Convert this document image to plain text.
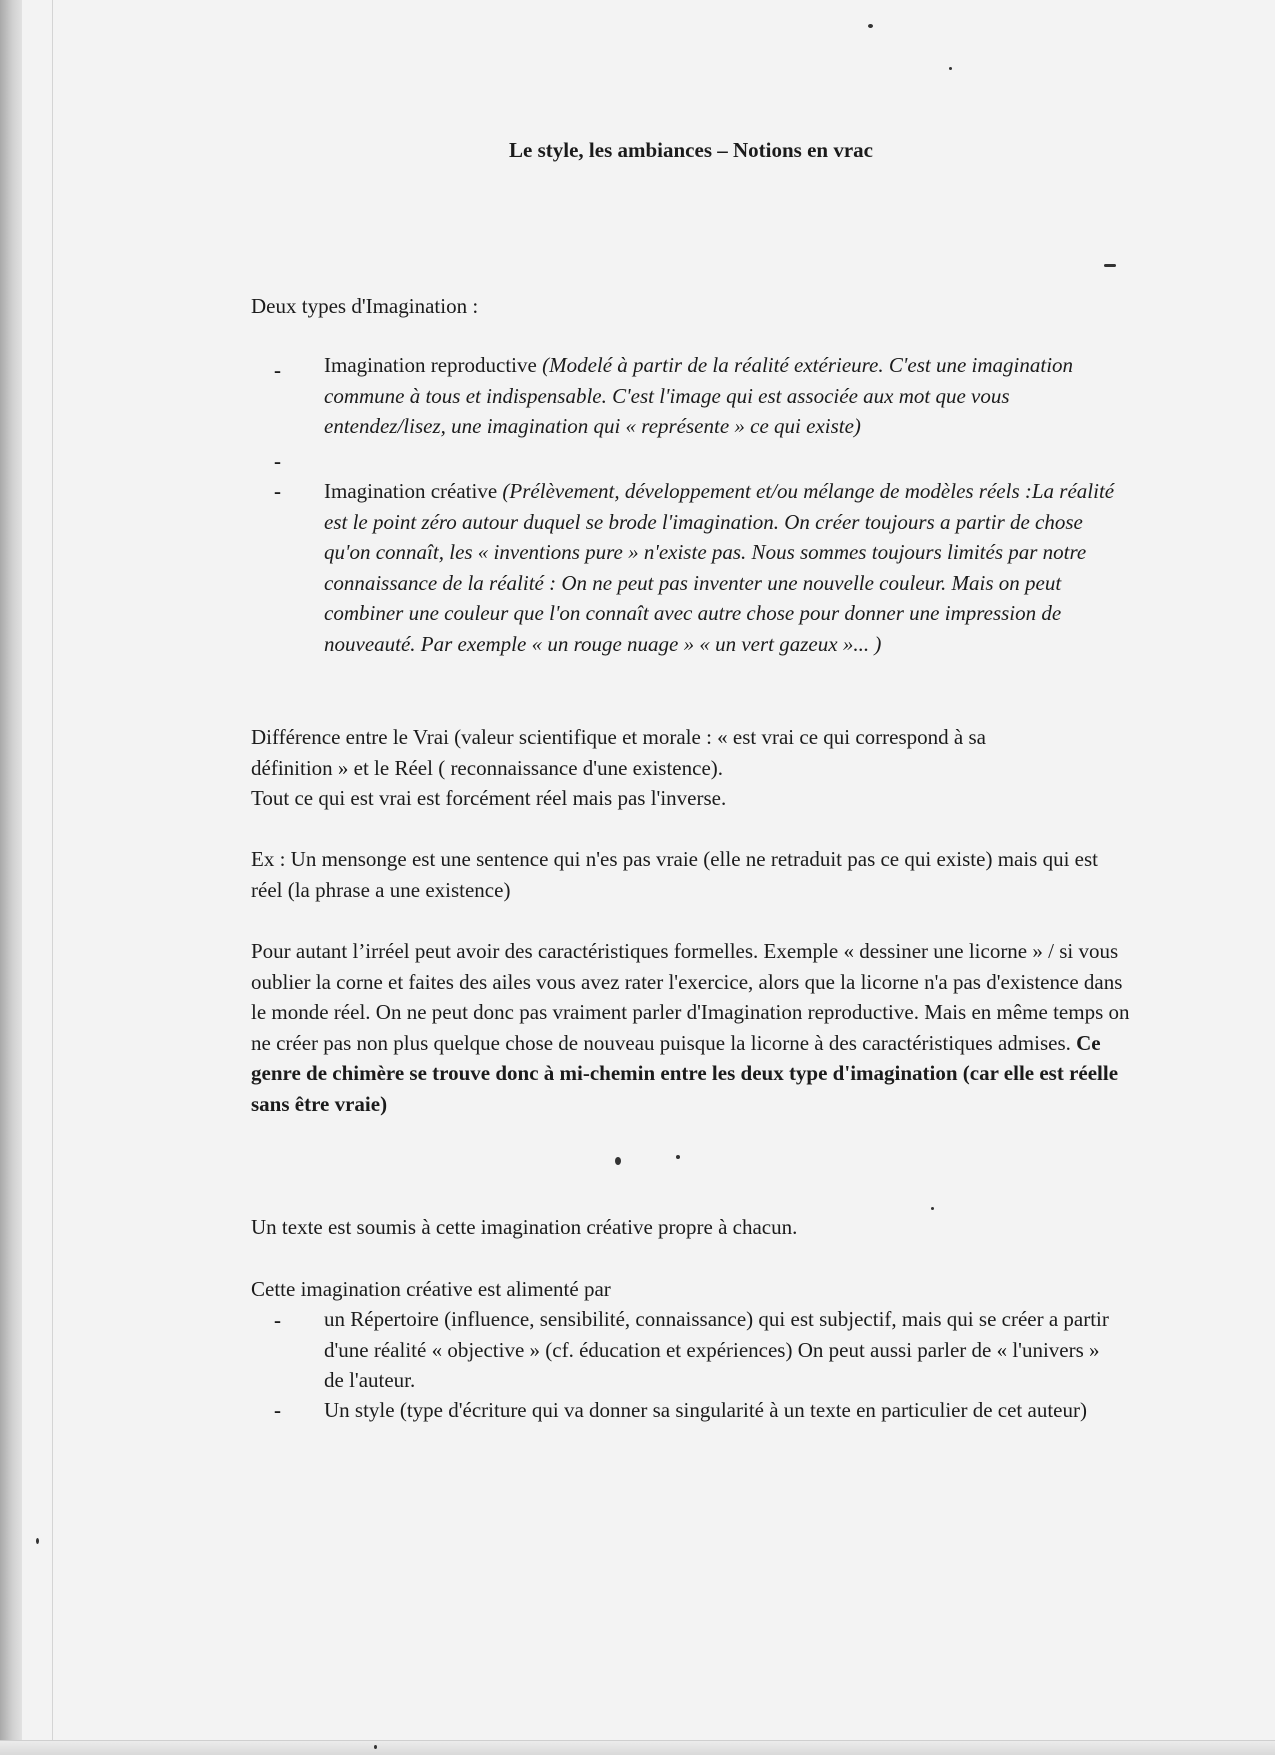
Le style, les ambiances – Notions en vrac

Deux types d'Imagination :

- Imagination reproductive (Modelé à partir de la réalité extérieure. C'est une imagination commune à tous et indispensable. C'est l'image qui est associée aux mot que vous entendez/lisez, une imagination qui « représente » ce qui existe)

-
- Imagination créative (Prélèvement, développement et/ou mélange de modèles réels :La réalité est le point zéro autour duquel se brode l'imagination. On créer toujours a partir de chose qu'on connaît, les « inventions pure » n'existe pas. Nous sommes toujours limités par notre connaissance de la réalité : On ne peut pas inventer une nouvelle couleur. Mais on peut combiner une couleur que l'on connaît avec autre chose pour donner une impression de nouveauté. Par exemple « un rouge nuage » « un vert gazeux »... )

Différence entre le Vrai (valeur scientifique et morale : « est vrai ce qui correspond à sa
définition » et le Réel ( reconnaissance d'une existence).
Tout ce qui est vrai est forcément réel mais pas l'inverse.

Ex : Un mensonge est une sentence qui n'es pas vraie (elle ne retraduit pas ce qui existe) mais qui est réel (la phrase a une existence)

Pour autant l’irréel peut avoir des caractéristiques formelles. Exemple « dessiner une licorne » / si vous oublier la corne et faites des ailes vous avez rater l'exercice, alors que la licorne n'a pas d'existence dans le monde réel. On ne peut donc pas vraiment parler d'Imagination reproductive. Mais en même temps on ne créer pas non plus quelque chose de nouveau puisque la licorne à des caractéristiques admises. Ce genre de chimère se trouve donc à mi-chemin entre les deux type d'imagination (car elle est réelle sans être vraie)

Un texte est soumis à cette imagination créative propre à chacun.

Cette imagination créative est alimenté par

- un Répertoire (influence, sensibilité, connaissance) qui est subjectif, mais qui se créer a partir d'une réalité « objective » (cf. éducation et expériences) On peut aussi parler de « l'univers » de l'auteur.

- Un style (type d'écriture qui va donner sa singularité à un texte en particulier de cet auteur)
